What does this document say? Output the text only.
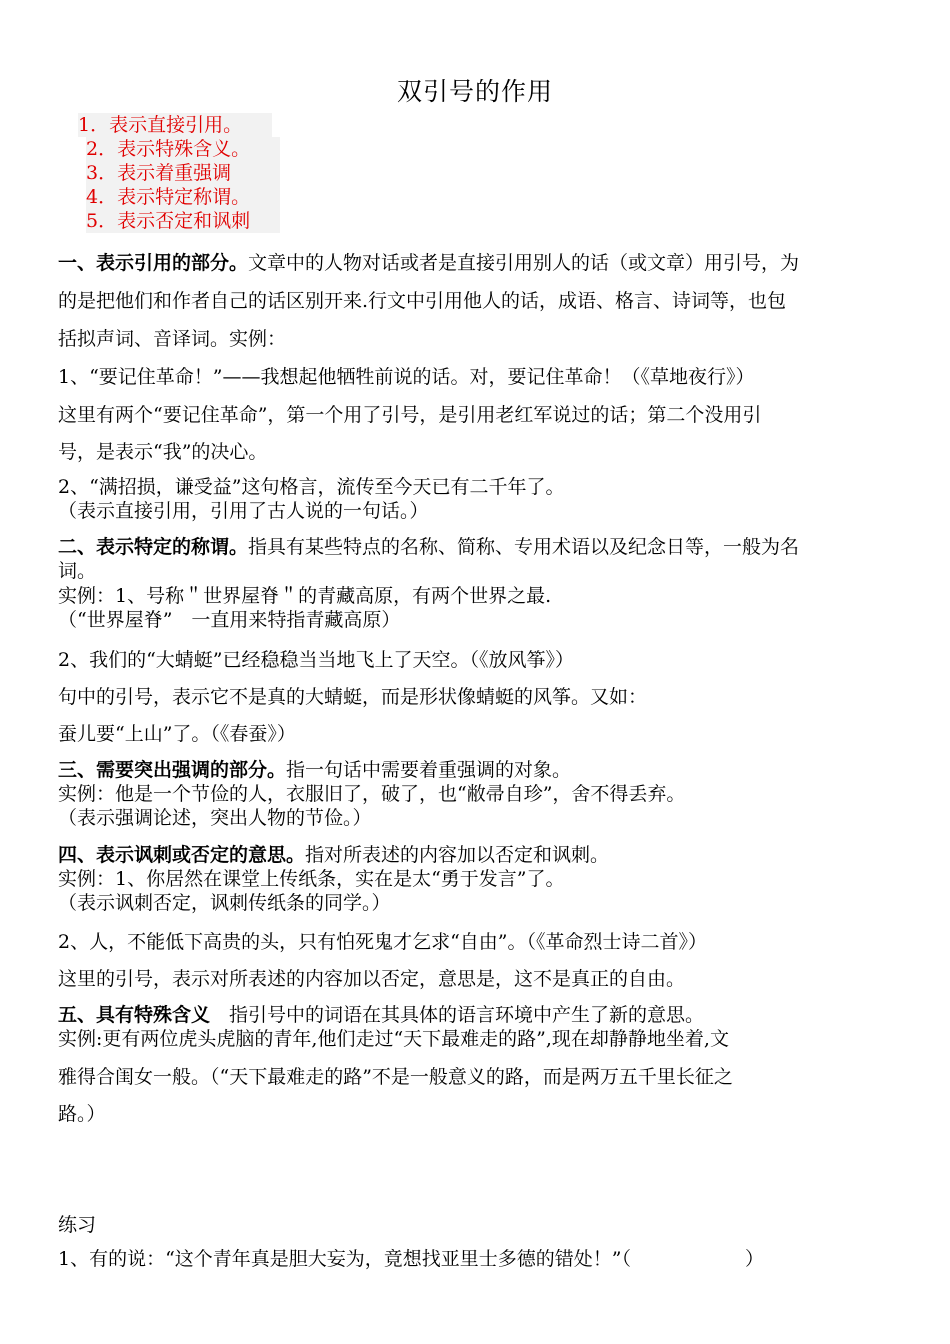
双引号的作用
1．表示直接引用。
2．表示特殊含义。
3．表示着重强调
4．表示特定称谓。
5．表示否定和讽刺
一、表示引用的部分。文章中的人物对话或者是直接引用别人的话（或文章）用引号，为
的是把他们和作者自己的话区别开来.行文中引用他人的话，成语、格言、诗词等，也包
括拟声词、音译词。实例：
1、“要记住革命！”——我想起他牺牲前说的话。对，要记住革命！（《草地夜行》）
这里有两个“要记住革命”，第一个用了引号，是引用老红军说过的话；第二个没用引
号，是表示“我”的决心。
2、“满招损，谦受益”这句格言，流传至今天已有二千年了。
（表示直接引用，引用了古人说的一句话。）
二、表示特定的称谓。指具有某些特点的名称、简称、专用术语以及纪念日等，一般为名
词。
实例：1、号称＂世界屋脊＂的青藏高原，有两个世界之最.
（“世界屋脊”　一直用来特指青藏高原）
2、我们的“大蜻蜓”已经稳稳当当地飞上了天空。（《放风筝》）
句中的引号，表示它不是真的大蜻蜓，而是形状像蜻蜓的风筝。又如：
蚕儿要“上山”了。（《春蚕》）
三、需要突出强调的部分。指一句话中需要着重强调的对象。
实例：他是一个节俭的人，衣服旧了，破了，也“敝帚自珍”，舍不得丢弃。
（表示强调论述，突出人物的节俭。）
四、表示讽刺或否定的意思。指对所表述的内容加以否定和讽刺。
实例：1、你居然在课堂上传纸条，实在是太“勇于发言”了。
（表示讽刺否定，讽刺传纸条的同学。）
2、人，不能低下高贵的头，只有怕死鬼才乞求“自由”。（《革命烈士诗二首》）
这里的引号，表示对所表述的内容加以否定，意思是，这不是真正的自由。
五、具有特殊含义　指引号中的词语在其具体的语言环境中产生了新的意思。
实例:更有两位虎头虎脑的青年,他们走过“天下最难走的路”,现在却静静地坐着,文
雅得合闺女一般。（“天下最难走的路”不是一般意义的路，而是两万五千里长征之
路。）
练习
1、有的说：“这个青年真是胆大妄为，竟想找亚里士多德的错处！”（　　　　　　）
